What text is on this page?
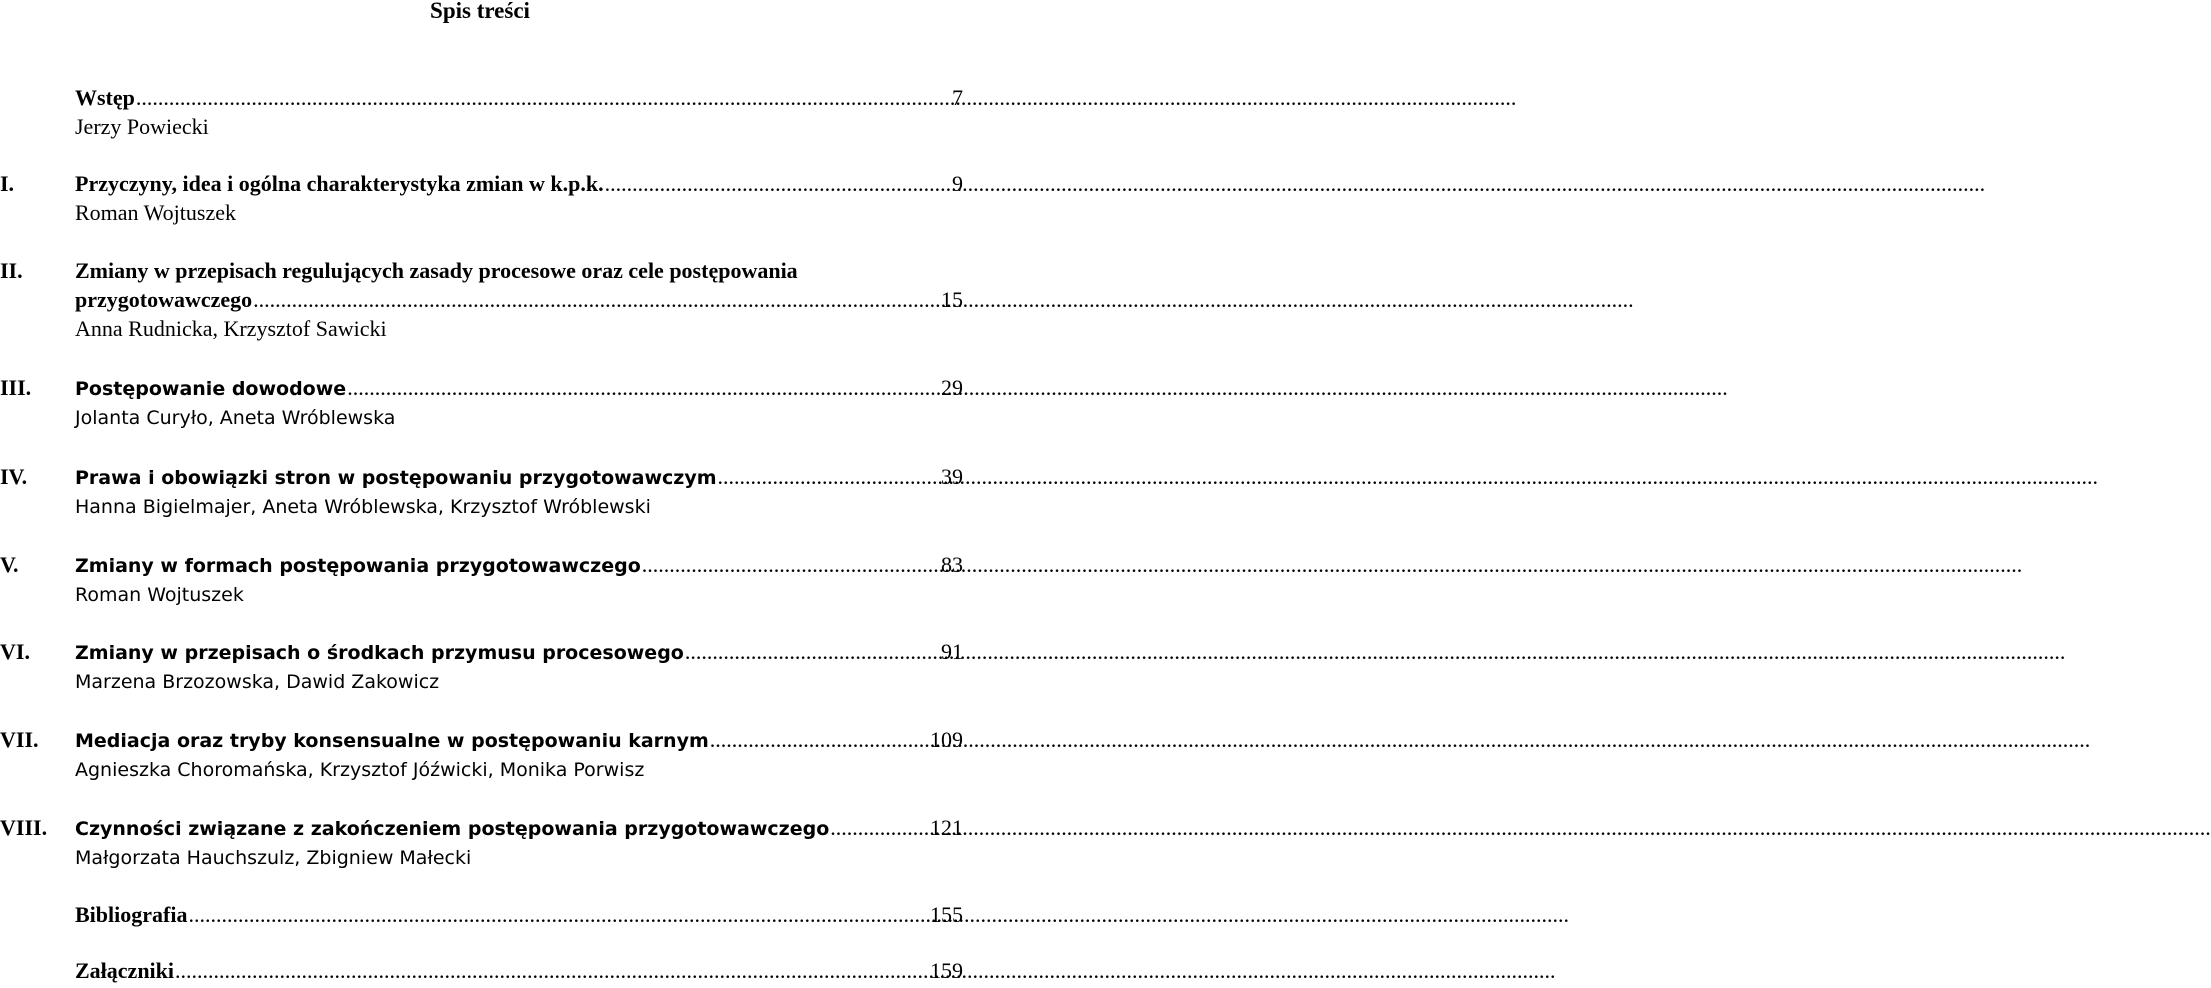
Spis treści
Wstęp .....	7
Jerzy Powiecki
I.	Przyczyny, idea i ogólna charakterystyka zmian w k.p.k. .....	9
Roman Wojtuszek
II. Zmiany w przepisach regulujących zasady procesowe oraz cele postępowania
przygotowawczego .....	15
Anna Rudnicka, Krzysztof Sawicki
III. Postępowanie dowodowe .....	29
Jolanta Curyło, Aneta Wróblewska
IV.	Prawa i obowiązki stron w postępowaniu przygotowawczym .....	39
Hanna Bigielmajer, Aneta Wróblewska, Krzysztof Wróblewski
V.	Zmiany w formach postępowania przygotowawczego .....	83
Roman Wojtuszek
VI. Zmiany w przepisach o środkach przymusu procesowego .....	91
Marzena Brzozowska, Dawid Zakowicz
VII. Mediacja oraz tryby konsensualne w postępowaniu karnym .....	109
Agnieszka Choromańska, Krzysztof Jóźwicki, Monika Porwisz
VIII. Czynności związane z zakończeniem postępowania przygotowawczego .....	121
Małgorzata Hauchszulz, Zbigniew Małecki
Bibliografia .....	155
Załączniki .....	159
